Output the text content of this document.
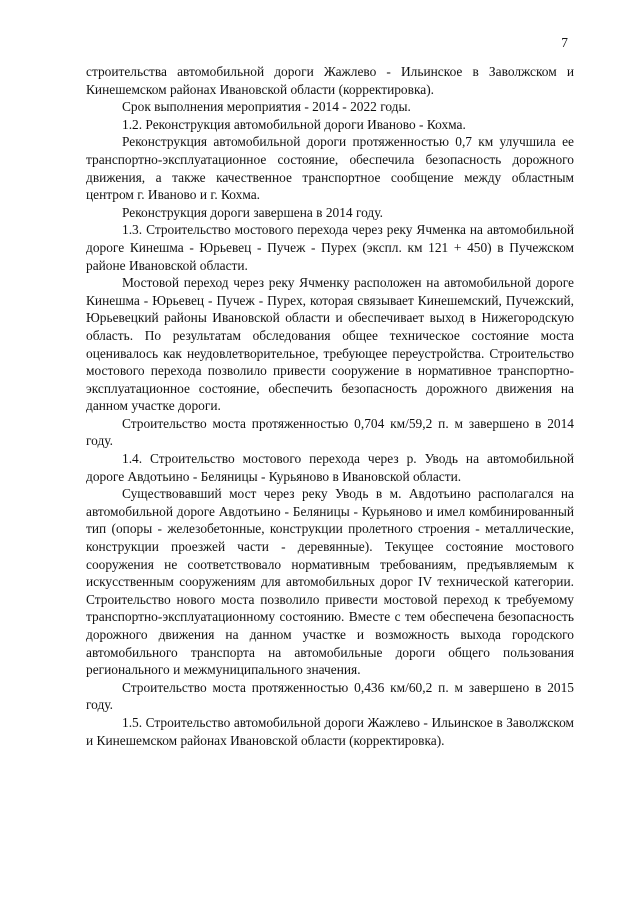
7

строительства автомобильной дороги Жажлево - Ильинское в Заволжском и Кинешемском районах Ивановской области (корректировка).

Срок выполнения мероприятия - 2014 - 2022 годы.

1.2. Реконструкция автомобильной дороги Иваново - Кохма.

Реконструкция автомобильной дороги протяженностью 0,7 км улучшила ее транспортно-эксплуатационное состояние, обеспечила безопасность дорожного движения, а также качественное транспортное сообщение между областным центром г. Иваново и г. Кохма.

Реконструкция дороги завершена в 2014 году.

1.3. Строительство мостового перехода через реку Ячменка на автомобильной дороге Кинешма - Юрьевец - Пучеж - Пурех (экспл. км 121 + 450) в Пучежском районе Ивановской области.

Мостовой переход через реку Ячменку расположен на автомобильной дороге Кинешма - Юрьевец - Пучеж - Пурех, которая связывает Кинешемский, Пучежский, Юрьевецкий районы Ивановской области и обеспечивает выход в Нижегородскую область. По результатам обследования общее техническое состояние моста оценивалось как неудовлетворительное, требующее переустройства. Строительство мостового перехода позволило привести сооружение в нормативное транспортно-эксплуатационное состояние, обеспечить безопасность дорожного движения на данном участке дороги.

Строительство моста протяженностью 0,704 км/59,2 п. м завершено в 2014 году.

1.4. Строительство мостового перехода через р. Уводь на автомобильной дороге Авдотьино - Беляницы - Курьяново в Ивановской области.

Существовавший мост через реку Уводь в м. Авдотьино располагался на автомобильной дороге Авдотьино - Беляницы - Курьяново и имел комбинированный тип (опоры - железобетонные, конструкции пролетного строения - металлические, конструкции проезжей части - деревянные). Текущее состояние мостового сооружения не соответствовало нормативным требованиям, предъявляемым к искусственным сооружениям для автомобильных дорог IV технической категории. Строительство нового моста позволило привести мостовой переход к требуемому транспортно-эксплуатационному состоянию. Вместе с тем обеспечена безопасность дорожного движения на данном участке и возможность выхода городского автомобильного транспорта на автомобильные дороги общего пользования регионального и межмуниципального значения.

Строительство моста протяженностью 0,436 км/60,2 п. м завершено в 2015 году.

1.5. Строительство автомобильной дороги Жажлево - Ильинское в Заволжском и Кинешемском районах Ивановской области (корректировка).
